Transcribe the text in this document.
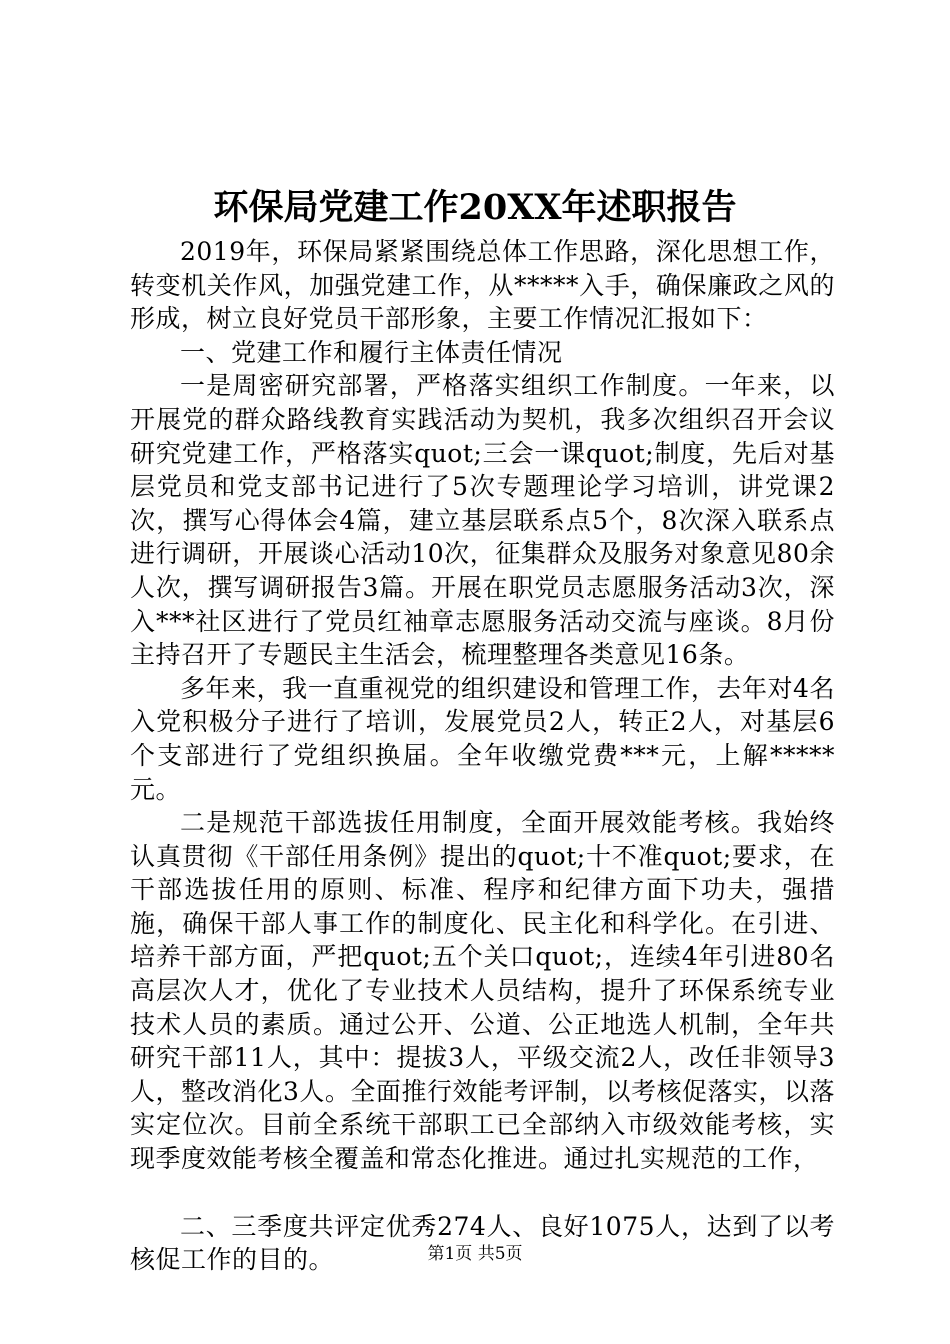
环保局党建工作20XX年述职报告

2019年，环保局紧紧围绕总体工作思路，深化思想工作，转变机关作风，加强党建工作，从*****入手，确保廉政之风的形成，树立良好党员干部形象，主要工作情况汇报如下：

一、党建工作和履行主体责任情况

一是周密研究部署，严格落实组织工作制度。一年来，以开展党的群众路线教育实践活动为契机，我多次组织召开会议研究党建工作，严格落实quot;三会一课quot;制度，先后对基层党员和党支部书记进行了5次专题理论学习培训，讲党课2次，撰写心得体会4篇，建立基层联系点5个，8次深入联系点进行调研，开展谈心活动10次，征集群众及服务对象意见80余人次，撰写调研报告3篇。开展在职党员志愿服务活动3次，深入***社区进行了党员红袖章志愿服务活动交流与座谈。8月份主持召开了专题民主生活会，梳理整理各类意见16条。

多年来，我一直重视党的组织建设和管理工作，去年对4名入党积极分子进行了培训，发展党员2人，转正2人，对基层6个支部进行了党组织换届。全年收缴党费***元，上解*****元。

二是规范干部选拔任用制度，全面开展效能考核。我始终认真贯彻《干部任用条例》提出的quot;十不准quot;要求，在干部选拔任用的原则、标准、程序和纪律方面下功夫，强措施，确保干部人事工作的制度化、民主化和科学化。在引进、培养干部方面，严把quot;五个关口quot;，连续4年引进80名高层次人才，优化了专业技术人员结构，提升了环保系统专业技术人员的素质。通过公开、公道、公正地选人机制，全年共研究干部11人，其中：提拔3人，平级交流2人，改任非领导3人，整改消化3人。全面推行效能考评制，以考核促落实，以落实定位次。目前全系统干部职工已全部纳入市级效能考核，实现季度效能考核全覆盖和常态化推进。通过扎实规范的工作，

二、三季度共评定优秀274人、良好1075人，达到了以考核促工作的目的。	第1页 共5页
